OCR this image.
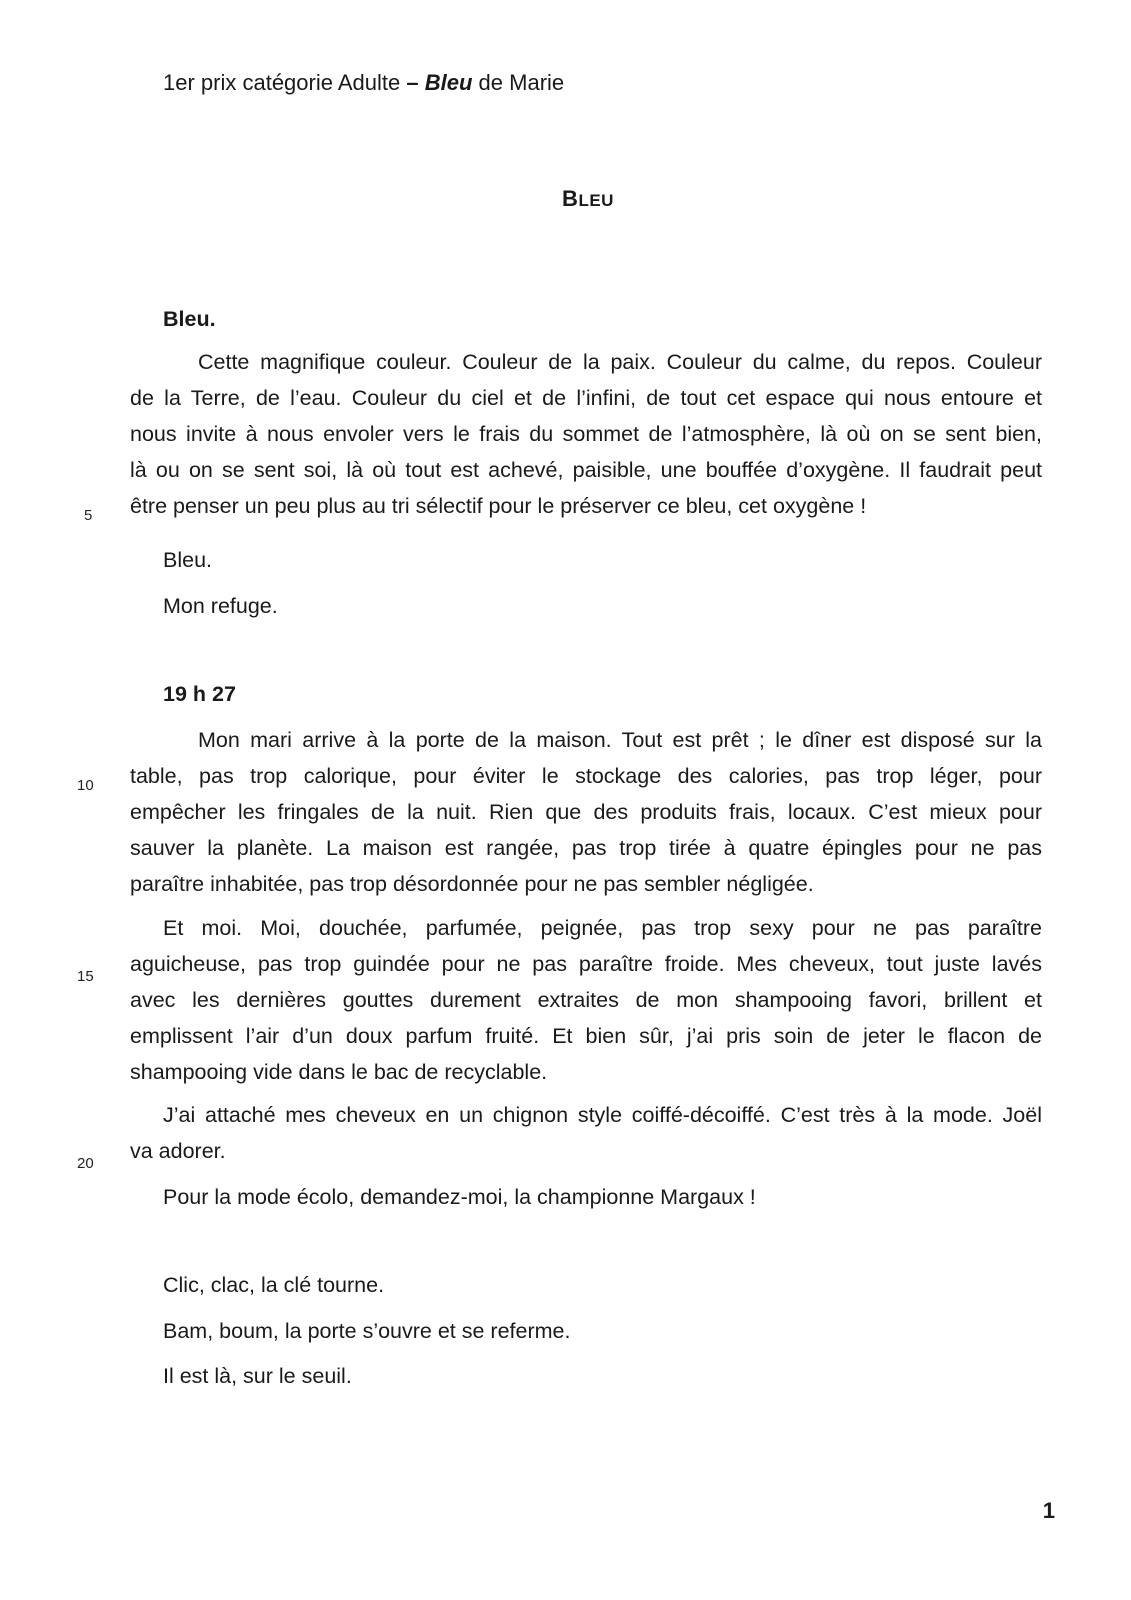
1er prix catégorie Adulte – Bleu de Marie
BLEU
Bleu.
Cette magnifique couleur. Couleur de la paix. Couleur du calme, du repos. Couleur
de la Terre, de l’eau. Couleur du ciel et de l’infini, de tout cet espace qui nous entoure et
nous invite à nous envoler vers le frais du sommet de l’atmosphère, là où on se sent bien,
là ou on se sent soi, là où tout est achevé, paisible, une bouffée d’oxygène. Il faudrait peut
être penser un peu plus au tri sélectif pour le préserver ce bleu, cet oxygène !
Bleu.
Mon refuge.
19 h 27
Mon mari arrive à la porte de la maison. Tout est prêt ; le dîner est disposé sur la
table, pas trop calorique, pour éviter le stockage des calories, pas trop léger, pour
empêcher les fringales de la nuit. Rien que des produits frais, locaux. C’est mieux pour
sauver la planète. La maison est rangée, pas trop tirée à quatre épingles pour ne pas
paraître inhabitée, pas trop désordonnée pour ne pas sembler négligée.
Et moi. Moi, douchée, parfumée, peignée, pas trop sexy pour ne pas paraître
aguicheuse, pas trop guindée pour ne pas paraître froide. Mes cheveux, tout juste lavés
avec les dernières gouttes durement extraites de mon shampooing favori, brillent et
emplissent l’air d’un doux parfum fruité. Et bien sûr, j’ai pris soin de jeter le flacon de
shampooing vide dans le bac de recyclable.
J’ai attaché mes cheveux en un chignon style coiffé-décoiffé. C’est très à la mode. Joël
va adorer.
Pour la mode écolo, demandez-moi, la championne Margaux !
Clic, clac, la clé tourne.
Bam, boum, la porte s’ouvre et se referme.
Il est là, sur le seuil.
5
10
15
20
1
